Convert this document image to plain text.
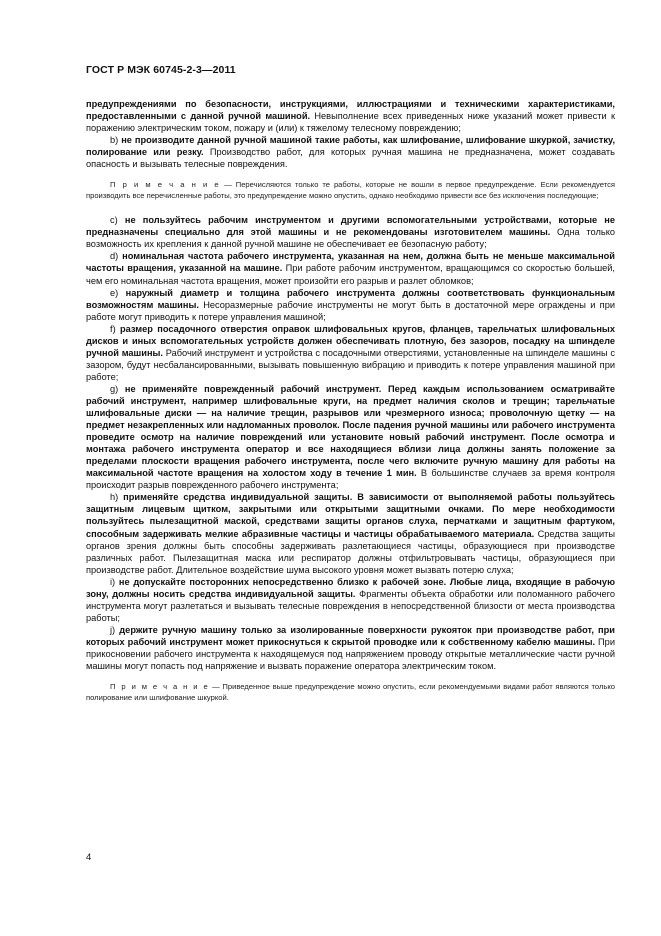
ГОСТ Р МЭК 60745-2-3—2011

предупреждениями по безопасности, инструкциями, иллюстрациями и техническими характеристиками, предоставленными с данной ручной машиной. Невыполнение всех приведенных ниже указаний может привести к поражению электрическим током, пожару и (или) к тяжелому телесному повреждению;

b) не производите данной ручной машиной такие работы, как шлифование, шлифование шкуркой, зачистку, полирование или резку. Производство работ, для которых ручная машина не предназначена, может создавать опасность и вызывать телесные повреждения.

П р и м е ч а н и е — Перечисляются только те работы, которые не вошли в первое предупреждение. Если рекомендуется производить все перечисленные работы, это предупреждение можно опустить, однако необходимо привести все без исключения последующие;

c) не пользуйтесь рабочим инструментом и другими вспомогательными устройствами, которые не предназначены специально для этой машины и не рекомендованы изготовителем машины. Одна только возможность их крепления к данной ручной машине не обеспечивает ее безопасную работу;

d) номинальная частота рабочего инструмента, указанная на нем, должна быть не меньше максимальной частоты вращения, указанной на машине. При работе рабочим инструментом, вращающимся со скоростью большей, чем его номинальная частота вращения, может произойти его разрыв и разлет обломков;

e) наружный диаметр и толщина рабочего инструмента должны соответствовать функциональным возможностям машины. Несоразмерные рабочие инструменты не могут быть в достаточной мере ограждены и при работе могут приводить к потере управления машиной;

f) размер посадочного отверстия оправок шлифовальных кругов, фланцев, тарельчатых шлифовальных дисков и иных вспомогательных устройств должен обеспечивать плотную, без зазоров, посадку на шпинделе ручной машины. Рабочий инструмент и устройства с посадочными отверстиями, установленные на шпинделе машины с зазором, будут несбалансированными, вызывать повышенную вибрацию и приводить к потере управления машиной при работе;

g) не применяйте поврежденный рабочий инструмент. Перед каждым использованием осматривайте рабочий инструмент, например шлифовальные круги, на предмет наличия сколов и трещин; тарельчатые шлифовальные диски — на наличие трещин, разрывов или чрезмерного износа; проволочную щетку — на предмет незакрепленных или надломанных проволок. После падения ручной машины или рабочего инструмента проведите осмотр на наличие повреждений или установите новый рабочий инструмент. После осмотра и монтажа рабочего инструмента оператор и все находящиеся вблизи лица должны занять положение за пределами плоскости вращения рабочего инструмента, после чего включите ручную машину для работы на максимальной частоте вращения на холостом ходу в течение 1 мин. В большинстве случаев за время контроля происходит разрыв поврежденного рабочего инструмента;

h) применяйте средства индивидуальной защиты. В зависимости от выполняемой работы пользуйтесь защитным лицевым щитком, закрытыми или открытыми защитными очками. По мере необходимости пользуйтесь пылезащитной маской, средствами защиты органов слуха, перчатками и защитным фартуком, способным задерживать мелкие абразивные частицы и частицы обрабатываемого материала. Средства защиты органов зрения должны быть способны задерживать разлетающиеся частицы, образующиеся при производстве различных работ. Пылезащитная маска или респиратор должны отфильтровывать частицы, образующиеся при производстве работ. Длительное воздействие шума высокого уровня может вызвать потерю слуха;

i) не допускайте посторонних непосредственно близко к рабочей зоне. Любые лица, входящие в рабочую зону, должны носить средства индивидуальной защиты. Фрагменты объекта обработки или поломанного рабочего инструмента могут разлетаться и вызывать телесные повреждения в непосредственной близости от места производства работы;

j) держите ручную машину только за изолированные поверхности рукояток при производстве работ, при которых рабочий инструмент может прикоснуться к скрытой проводке или к собственному кабелю машины. При прикосновении рабочего инструмента к находящемуся под напряжением проводу открытые металлические части ручной машины могут попасть под напряжение и вызвать поражение оператора электрическим током.

П р и м е ч а н и е — Приведенное выше предупреждение можно опустить, если рекомендуемыми видами работ являются только полирование или шлифование шкуркой.

4
